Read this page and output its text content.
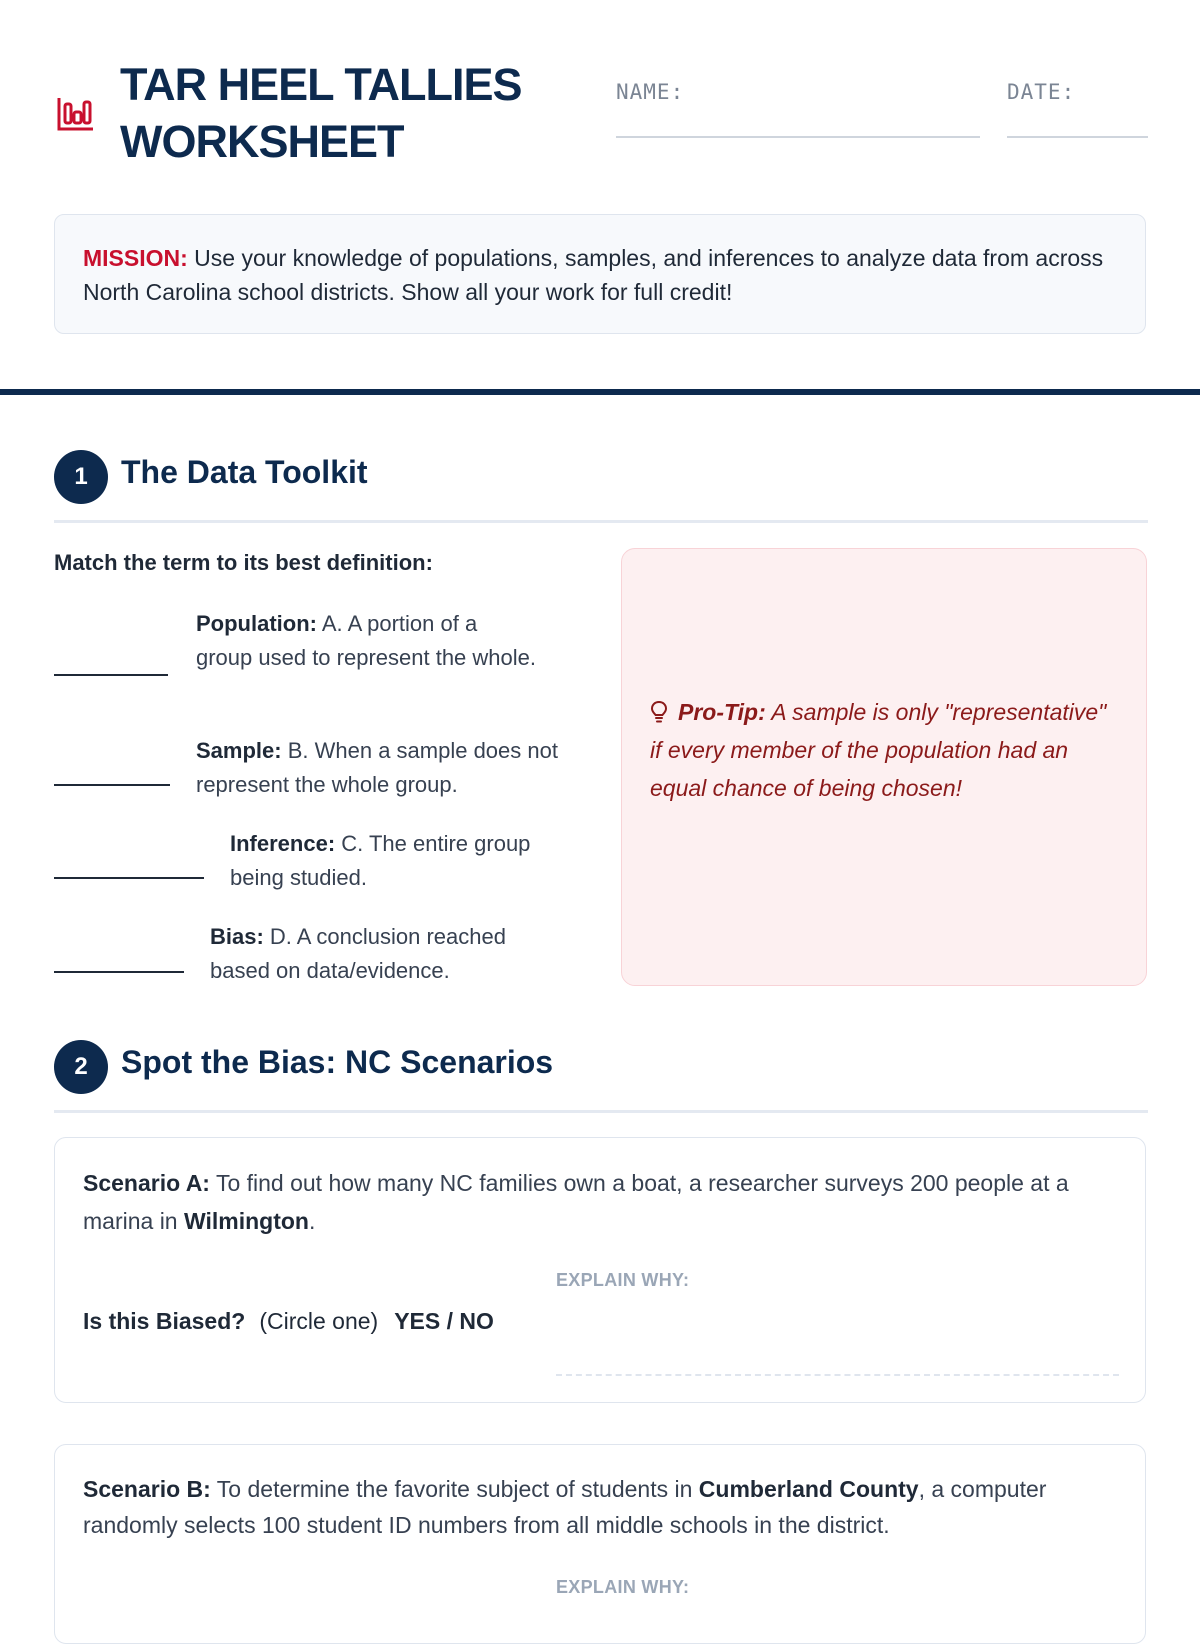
TAR HEEL TALLIES
WORKSHEET
NAME:	DATE:
MISSION: Use your knowledge of populations, samples, and inferences to analyze data from across North Carolina school districts. Show all your work for full credit!
1	The Data Toolkit
Match the term to its best definition:
Population: A. A portion of a group used to represent the whole.
Sample: B. When a sample does not represent the whole group.
Inference: C. The entire group being studied.
Bias: D. A conclusion reached based on data/evidence.
Pro-Tip: A sample is only "representative" if every member of the population had an equal chance of being chosen!
2	Spot the Bias: NC Scenarios
Scenario A: To find out how many NC families own a boat, a researcher surveys 200 people at a marina in Wilmington.
EXPLAIN WHY:
Is this Biased? (Circle one) YES / NO
Scenario B: To determine the favorite subject of students in Cumberland County, a computer randomly selects 100 student ID numbers from all middle schools in the district.
EXPLAIN WHY:
